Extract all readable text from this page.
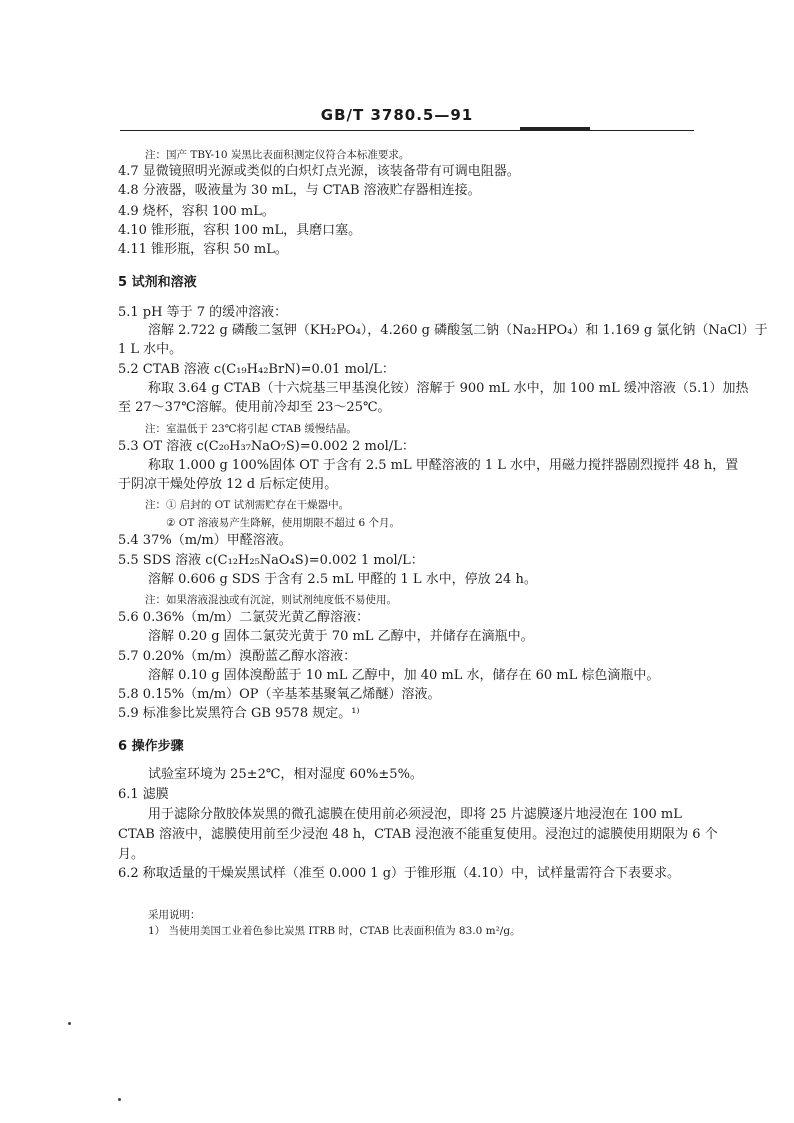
GB/T 3780.5—91
注：国产 TBY-10 炭黑比表面积测定仪符合本标准要求。
4.7 显微镜照明光源或类似的白炽灯点光源，该装备带有可调电阻器。
4.8 分液器，吸液量为 30 mL，与 CTAB 溶液贮存器相连接。
4.9 烧杯，容积 100 mL。
4.10 锥形瓶，容积 100 mL，具磨口塞。
4.11 锥形瓶，容积 50 mL。
5 试剂和溶液
5.1 pH 等于 7 的缓冲溶液：
溶解 2.722 g 磷酸二氢钾（KH₂PO₄），4.260 g 磷酸氢二钠（Na₂HPO₄）和 1.169 g 氯化钠（NaCl）于
1 L 水中。
5.2 CTAB 溶液 c(C₁₉H₄₂BrN)=0.01 mol/L：
称取 3.64 g CTAB（十六烷基三甲基溴化铵）溶解于 900 mL 水中，加 100 mL 缓冲溶液（5.1）加热
至 27～37℃溶解。使用前冷却至 23～25℃。
注：室温低于 23℃将引起 CTAB 缓慢结晶。
5.3 OT 溶液 c(C₂₀H₃₇NaO₇S)=0.002 2 mol/L：
称取 1.000 g 100%固体 OT 于含有 2.5 mL 甲醛溶液的 1 L 水中，用磁力搅拌器剧烈搅拌 48 h，置
于阴凉干燥处停放 12 d 后标定使用。
注：① 启封的 OT 试剂需贮存在干燥器中。
② OT 溶液易产生降解，使用期限不超过 6 个月。
5.4 37%（m/m）甲醛溶液。
5.5 SDS 溶液 c(C₁₂H₂₅NaO₄S)=0.002 1 mol/L：
溶解 0.606 g SDS 于含有 2.5 mL 甲醛的 1 L 水中，停放 24 h。
注：如果溶液混浊或有沉淀，则试剂纯度低不易使用。
5.6 0.36%（m/m）二氯荧光黄乙醇溶液：
溶解 0.20 g 固体二氯荧光黄于 70 mL 乙醇中，并储存在滴瓶中。
5.7 0.20%（m/m）溴酚蓝乙醇水溶液：
溶解 0.10 g 固体溴酚蓝于 10 mL 乙醇中，加 40 mL 水，储存在 60 mL 棕色滴瓶中。
5.8 0.15%（m/m）OP（辛基苯基聚氧乙烯醚）溶液。
5.9 标准参比炭黑符合 GB 9578 规定。¹⁾
6 操作步骤
试验室环境为 25±2℃，相对湿度 60%±5%。
6.1 滤膜
用于滤除分散胶体炭黑的微孔滤膜在使用前必须浸泡，即将 25 片滤膜逐片地浸泡在 100 mL
CTAB 溶液中，滤膜使用前至少浸泡 48 h，CTAB 浸泡液不能重复使用。浸泡过的滤膜使用期限为 6 个
月。
6.2 称取适量的干燥炭黑试样（准至 0.000 1 g）于锥形瓶（4.10）中，试样量需符合下表要求。
采用说明：
1） 当使用美国工业着色参比炭黑 ITRB 时，CTAB 比表面积值为 83.0 m²/g。
